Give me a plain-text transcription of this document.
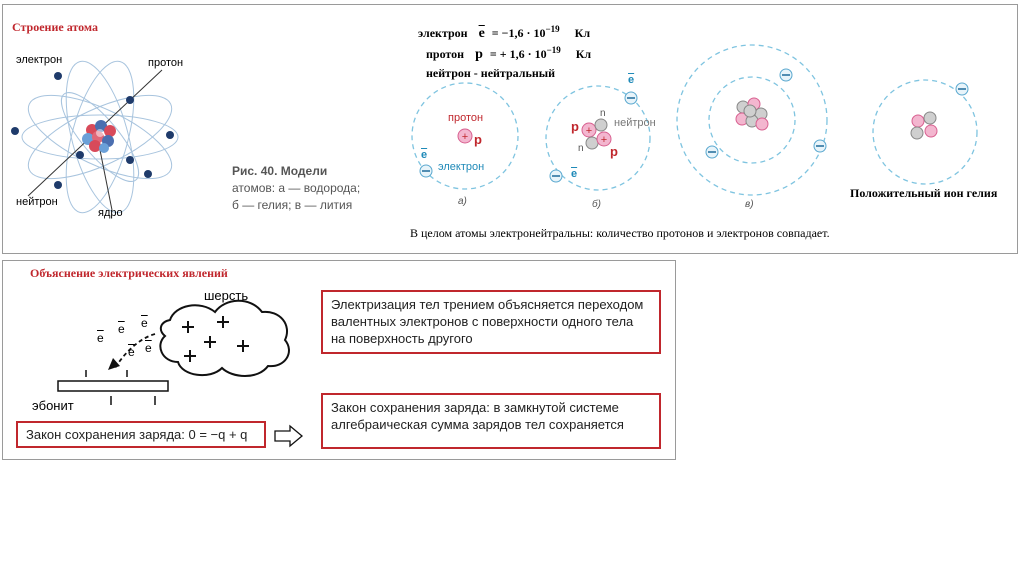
Строение атома
электрон	протон
нейтрон
ядро
Рис. 40. Модели
атомов: а — водорода;
б — гелия; в — лития
электрон $\overline{e} = -1,6 \cdot 10^{-19}$ Кл
протон p = + $1,6 \cdot 10^{-19}$ Кл
нейтрон - нейтральный
+	+
+
протон
p
$\overline{e}$
электрон
а)
p
p
n
n
нейтрон
$\overline{e}$
$\overline{e}$
б)	в)
Положительный ион гелия
В целом атомы электронейтральны: количество протонов и электронов совпадает.
Объяснение электрических явлений
шерсть
эбонит
$\overline{e}$
$\overline{e}$ $\overline{e}$
$\overline{e}$ $\overline{e}$
Электризация тел трением объясняется переходом валентных электронов с поверхности одного тела на поверхность другого
Закон сохранения заряда: 0 = −q + q
Закон сохранения заряда: в замкнутой системе алгебраическая сумма зарядов тел сохраняется
